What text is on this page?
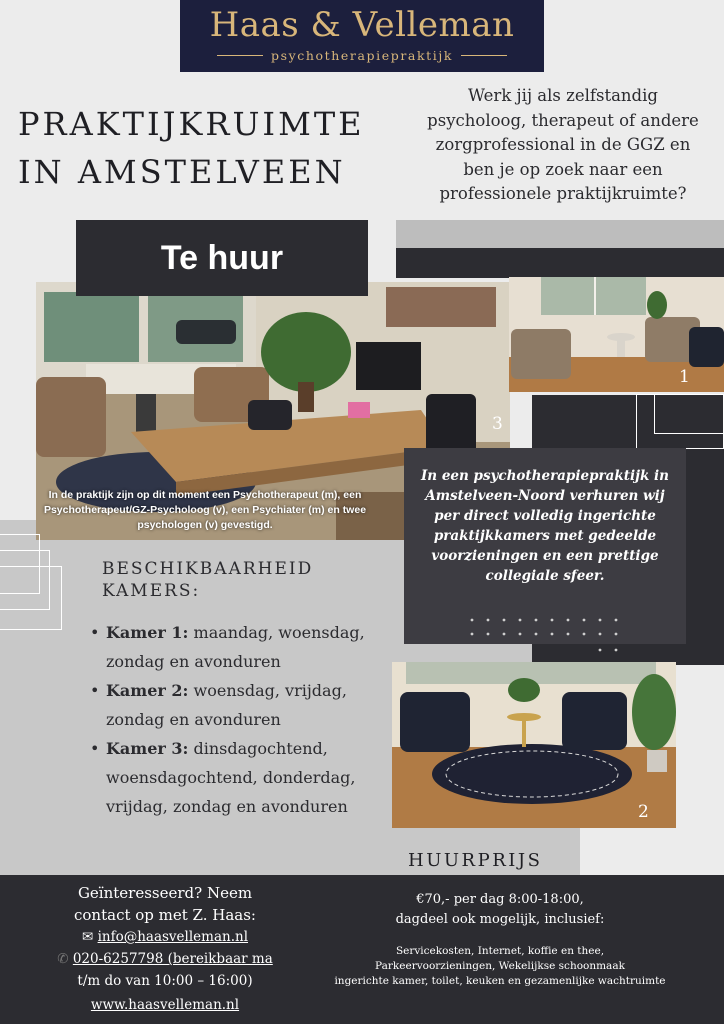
Haas & Velleman
psychotherapiepraktijk
PRAKTIJKRUIMTE
IN AMSTELVEEN
Werk jij als zelfstandig psycholoog, therapeut of andere zorgprofessional in de GGZ en ben je op zoek naar een professionele praktijkruimte?
3
Te huur
In de praktijk zijn op dit moment een Psychotherapeut (m), een Psychotherapeut/GZ-Psycholoog (v), een Psychiater (m) en twee psychologen (v) gevestigd.
1
In een psychotherapiepraktijk in Amstelveen-Noord verhuren wij per direct volledig ingerichte praktijkkamers met gedeelde voorzieningen en een prettige collegiale sfeer.
2
BESCHIKBAARHEID
KAMERS:
• Kamer 1: maandag, woensdag, zondag en avonduren
• Kamer 2: woensdag, vrijdag, zondag en avonduren
• Kamer 3: dinsdagochtend, woensdagochtend, donderdag, vrijdag, zondag en avonduren
HUURPRIJS
Geïnteresseerd? Neem
contact op met Z. Haas:
✉ info@haasvelleman.nl
✆ 020-6257798 (bereikbaar ma
t/m do van 10:00 – 16:00)
www.haasvelleman.nl
€70,- per dag 8:00-18:00,
dagdeel ook mogelijk, inclusief:
Servicekosten, Internet, koffie en thee,
Parkeervoorzieningen, Wekelijkse schoonmaak
ingerichte kamer, toilet, keuken en gezamenlijke wachtruimte
